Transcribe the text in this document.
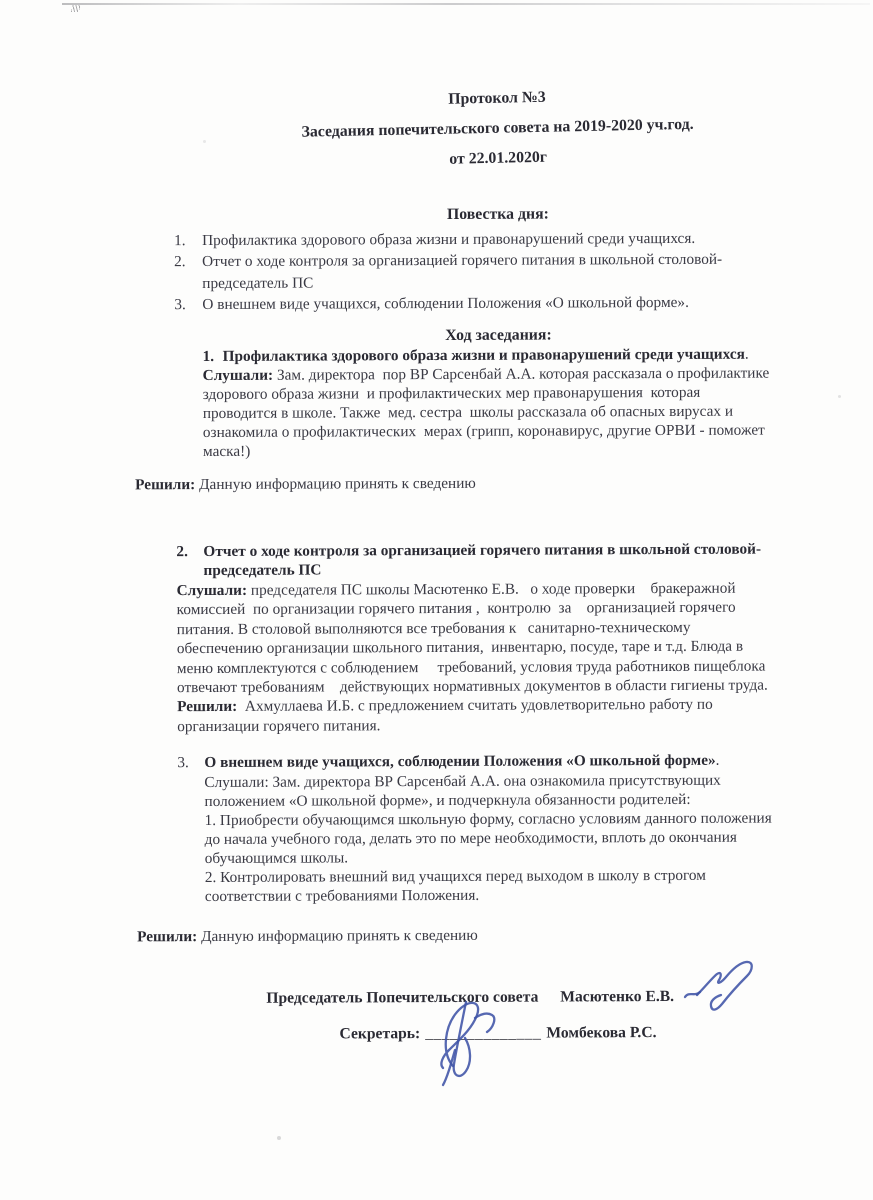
Протокол №3
Заседания попечительского совета на 2019-2020 уч.год.
от 22.01.2020г
Повестка дня:
1.	Профилактика здорового образа жизни и правонарушений среди учащихся.
2.	Отчет о ходе контроля за организацией горячего питания в школьной столовой-
председатель ПС
3.	О внешнем виде учащихся, соблюдении Положения «О школьной форме».
Ход заседания:
1. Профилактика здорового образа жизни и правонарушений среди учащихся.
Слушали: Зам. директора  пор ВР Сарсенбай А.А. которая рассказала о профилактике
здорового образа жизни  и профилактических мер правонарушения  которая
проводится в школе. Также  мед. сестра  школы рассказала об опасных вирусах и
ознакомила о профилактических  мерах (грипп, коронавирус, другие ОРВИ - поможет
маска!)
Решили: Данную информацию принять к сведению
2.	Отчет о ходе контроля за организацией горячего питания в школьной столовой-
председатель ПС
Слушали: председателя ПС школы Масютенко Е.В.   о ходе проверки    бракеражной
комиссией  по организации горячего питания ,  контролю  за    организацией горячего
питания. В столовой выполняются все требования к   санитарно-техническому
обеспечению организации школьного питания,  инвентарю, посуде, таре и т.д. Блюда в
меню комплектуются с соблюдением     требований, условия труда работников пищеблока
отвечают требованиям    действующих нормативных документов в области гигиены труда.
Решили:  Ахмуллаева И.Б. с предложением считать удовлетворительно работу по
организации горячего питания.
3.	О внешнем виде учащихся, соблюдении Положения «О школьной форме».
Слушали: Зам. директора ВР Сарсенбай А.А. она ознакомила присутствующих
положением «О школьной форме», и подчеркнула обязанности родителей:
1. Приобрести обучающимся школьную форму, согласно условиям данного положения
до начала учебного года, делать это по мере необходимости, вплоть до окончания
обучающимся школы.
2. Контролировать внешний вид учащихся перед выходом в школу в строгом
соответствии с требованиями Положения.
Решили: Данную информацию принять к сведению
Председатель Попечительского совета Масютенко Е.В.
Секретарь: ______________ Момбекова Р.С.
